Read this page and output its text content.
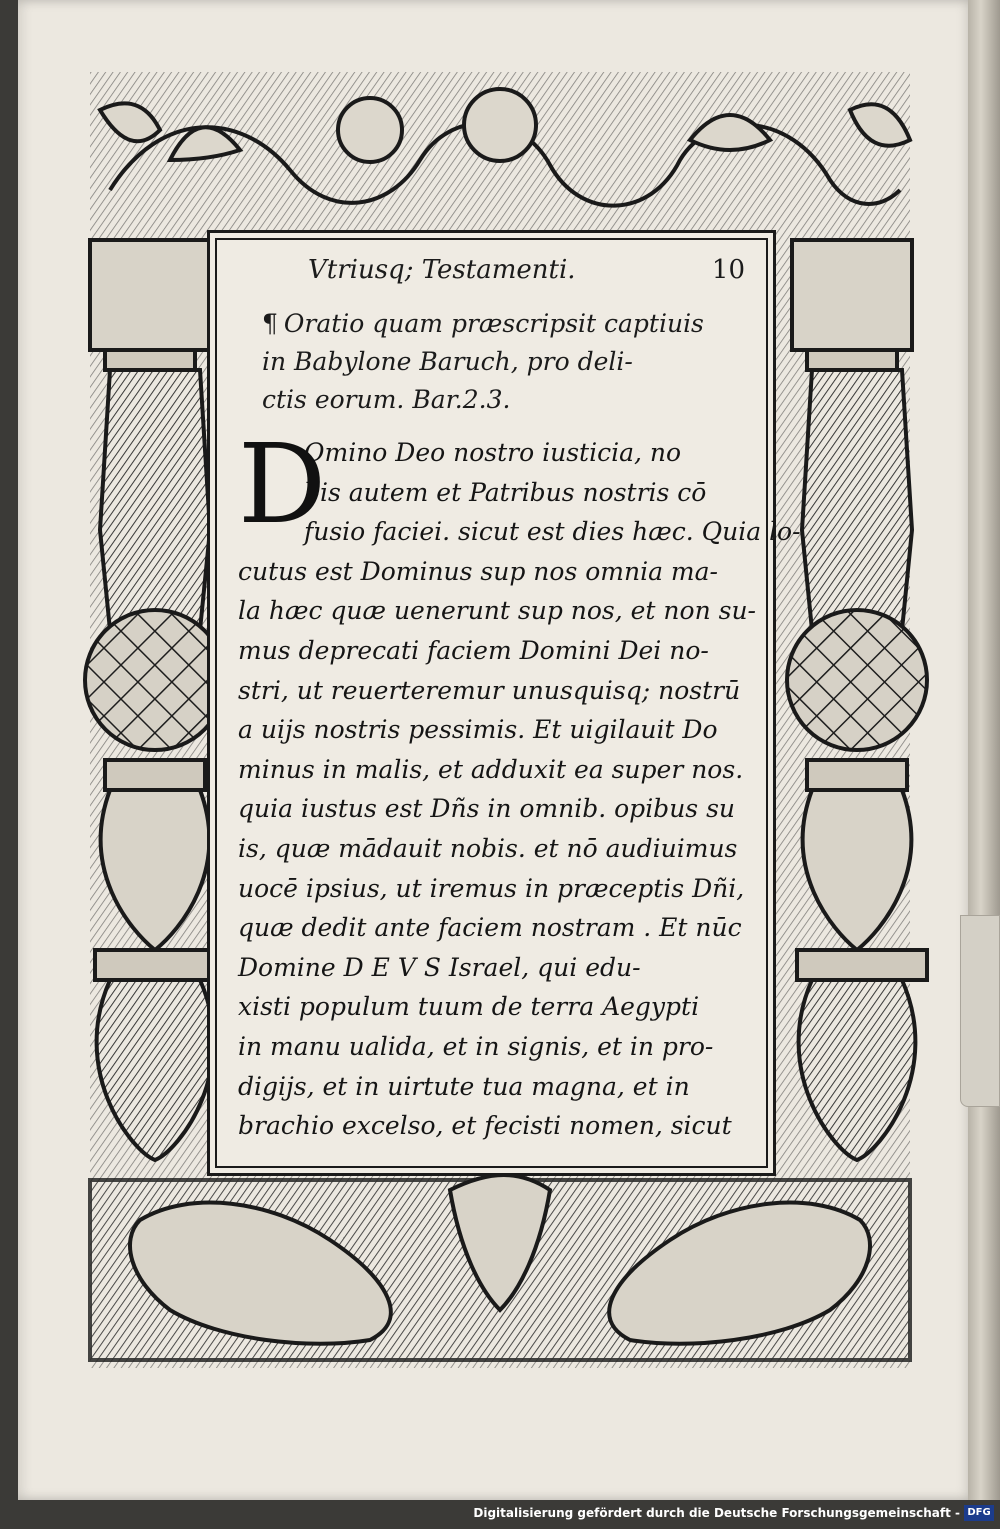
Vtriusq; Testamenti.	10
¶ Oratio quam præscripsit captiuis
in Babylone Baruch, pro deli-
ctis eorum. Bar.2.3.
D
Omino Deo nostro iusticia, no
bis autem et Patribus nostris cō
fusio faciei. sicut est dies hæc. Quia lo-
cutus est Dominus sup nos omnia ma-
la hæc quæ uenerunt sup nos, et non su-
mus deprecati faciem Domini Dei no-
stri, ut reuerteremur unusquisq; nostrū
a uijs nostris pessimis. Et uigilauit Do
minus in malis, et adduxit ea super nos.
quia iustus est Dñs in omnib. opibus su
is, quæ mādauit nobis. et nō audiuimus
uocē ipsius, ut iremus in præceptis Dñi,
quæ dedit ante faciem nostram . Et nūc
Domine D E V S Israel, qui edu-
xisti populum tuum de terra Aegypti
in manu ualida, et in signis, et in pro-
digijs, et in uirtute tua magna, et in
brachio excelso, et fecisti nomen, sicut
Digitalisierung gefördert durch die Deutsche Forschungsgemeinschaft - DFG
